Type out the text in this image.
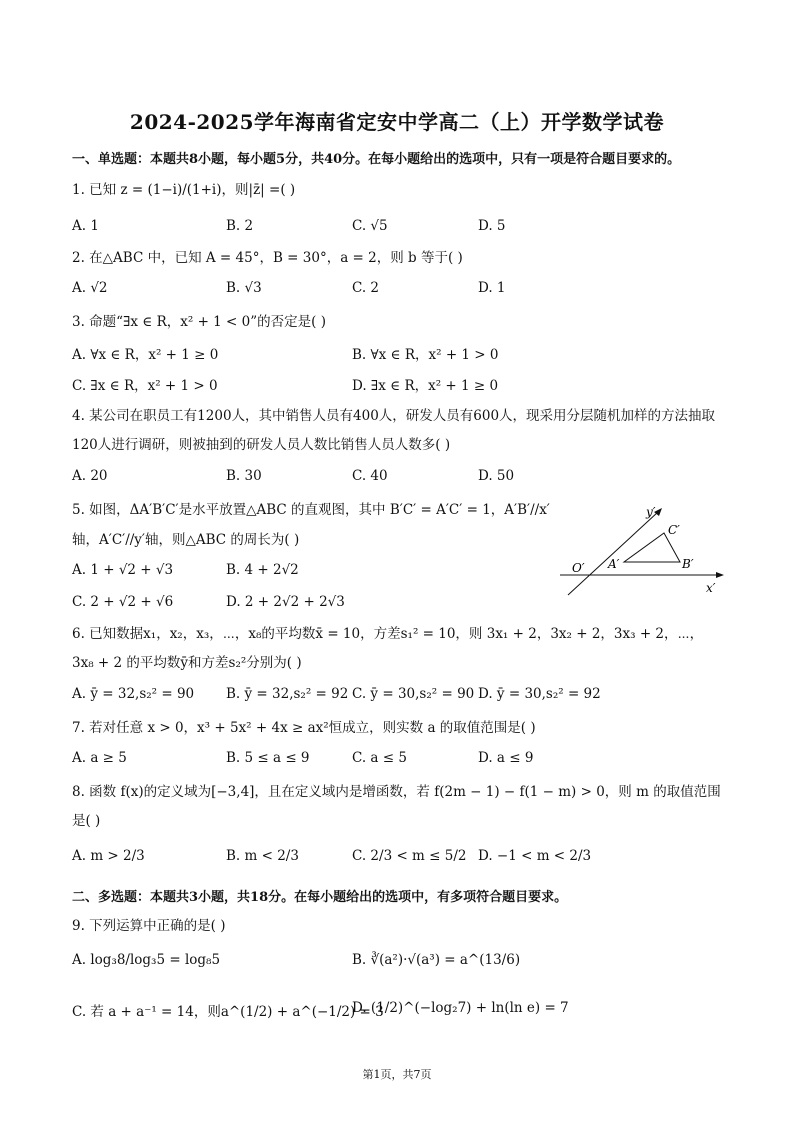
2024-2025学年海南省定安中学高二（上）开学数学试卷
一、单选题：本题共8小题，每小题5分，共40分。在每小题给出的选项中，只有一项是符合题目要求的。
1. 已知 z = (1−i)/(1+i)，则|z̄| =( )
A. 1	B. 2	C. √5	D. 5
2. 在△ABC 中，已知 A = 45°，B = 30°，a = 2，则 b 等于( )
A. √2	B. √3	C. 2	D. 1
3. 命题“∃x ∈ R，x² + 1 < 0”的否定是( )
A. ∀x ∈ R，x² + 1 ≥ 0	B. ∀x ∈ R，x² + 1 > 0
C. ∃x ∈ R，x² + 1 > 0	D. ∃x ∈ R，x² + 1 ≥ 0
4. 某公司在职员工有1200人，其中销售人员有400人，研发人员有600人，现采用分层随机加样的方法抽取120人进行调研，则被抽到的研发人员人数比销售人员人数多( )
A. 20	B. 30	C. 40	D. 50
5. 如图，ΔA′B′C′是水平放置△ABC 的直观图，其中 B′C′ = A′C′ = 1，A′B′//x′
轴，A′C′//y′轴，则△ABC 的周长为( )
A. 1 + √2 + √3	B. 4 + 2√2
C. 2 + √2 + √6	D. 2 + 2√2 + 2√3
y′
C′
A′	B′
O′
x′
6. 已知数据x₁，x₂，x₃，⋯，x₈的平均数x̄ = 10，方差s₁² = 10，则 3x₁ + 2，3x₂ + 2，3x₃ + 2，⋯，3x₈ + 2 的平均数ȳ和方差s₂²分别为( )
A. ȳ = 32,s₂² = 90 B. ȳ = 32,s₂² = 92 C. ȳ = 30,s₂² = 90 D. ȳ = 30,s₂² = 92
7. 若对任意 x > 0，x³ + 5x² + 4x ≥ ax²恒成立，则实数 a 的取值范围是( )
A. a ≥ 5	B. 5 ≤ a ≤ 9	C. a ≤ 5	D. a ≤ 9
8. 函数 f(x)的定义域为[−3,4]，且在定义域内是增函数，若 f(2m − 1) − f(1 − m) > 0，则 m 的取值范围是( )
A. m > 2/3	B. m < 2/3	C. 2/3 < m ≤ 5/2 D. −1 < m < 2/3
二、多选题：本题共3小题，共18分。在每小题给出的选项中，有多项符合题目要求。
9. 下列运算中正确的是( )
A. log₃8/log₃5 = log₈5	B. ∛(a²)·√(a³) = a^(13/6)
C. 若 a + a⁻¹ = 14，则a^(1/2) + a^(−1/2) = 3
D. (1/2)^(−log₂7) + ln(ln e) = 7
第1页，共7页
